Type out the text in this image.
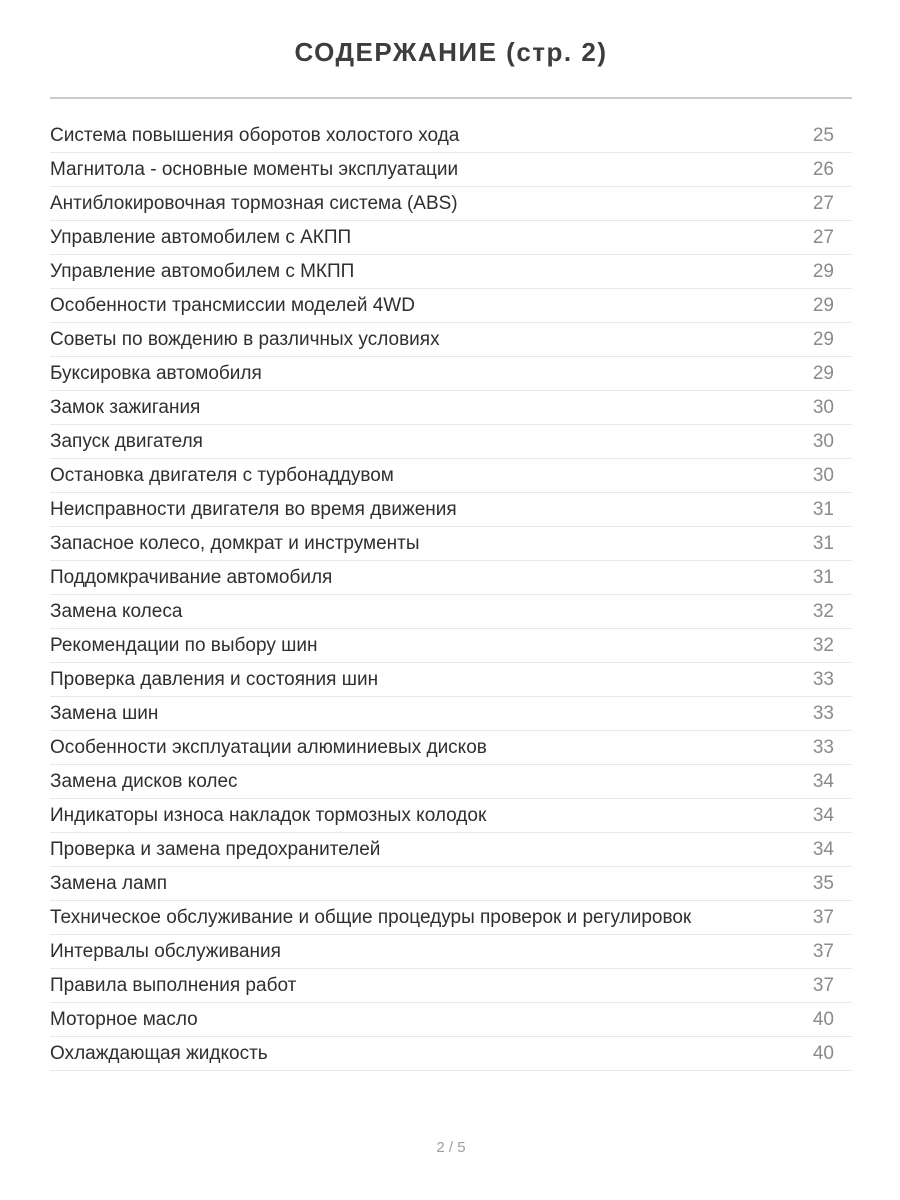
СОДЕРЖАНИЕ (стр. 2)
Система повышения оборотов холостого хода	25
Магнитола - основные моменты эксплуатации	26
Антиблокировочная тормозная система (ABS)	27
Управление автомобилем с АКПП	27
Управление автомобилем с МКПП	29
Особенности трансмиссии моделей 4WD	29
Советы по вождению в различных условиях	29
Буксировка автомобиля	29
Замок зажигания	30
Запуск двигателя	30
Остановка двигателя с турбонаддувом	30
Неисправности двигателя во время движения	31
Запасное колесо, домкрат и инструменты	31
Поддомкрачивание автомобиля	31
Замена колеса	32
Рекомендации по выбору шин	32
Проверка давления и состояния шин	33
Замена шин	33
Особенности эксплуатации алюминиевых дисков	33
Замена дисков колес	34
Индикаторы износа накладок тормозных колодок	34
Проверка и замена предохранителей	34
Замена ламп	35
Техническое обслуживание и общие процедуры проверок и регулировок	37
Интервалы обслуживания	37
Правила выполнения работ	37
Моторное масло	40
Охлаждающая жидкость	40
2 / 5
